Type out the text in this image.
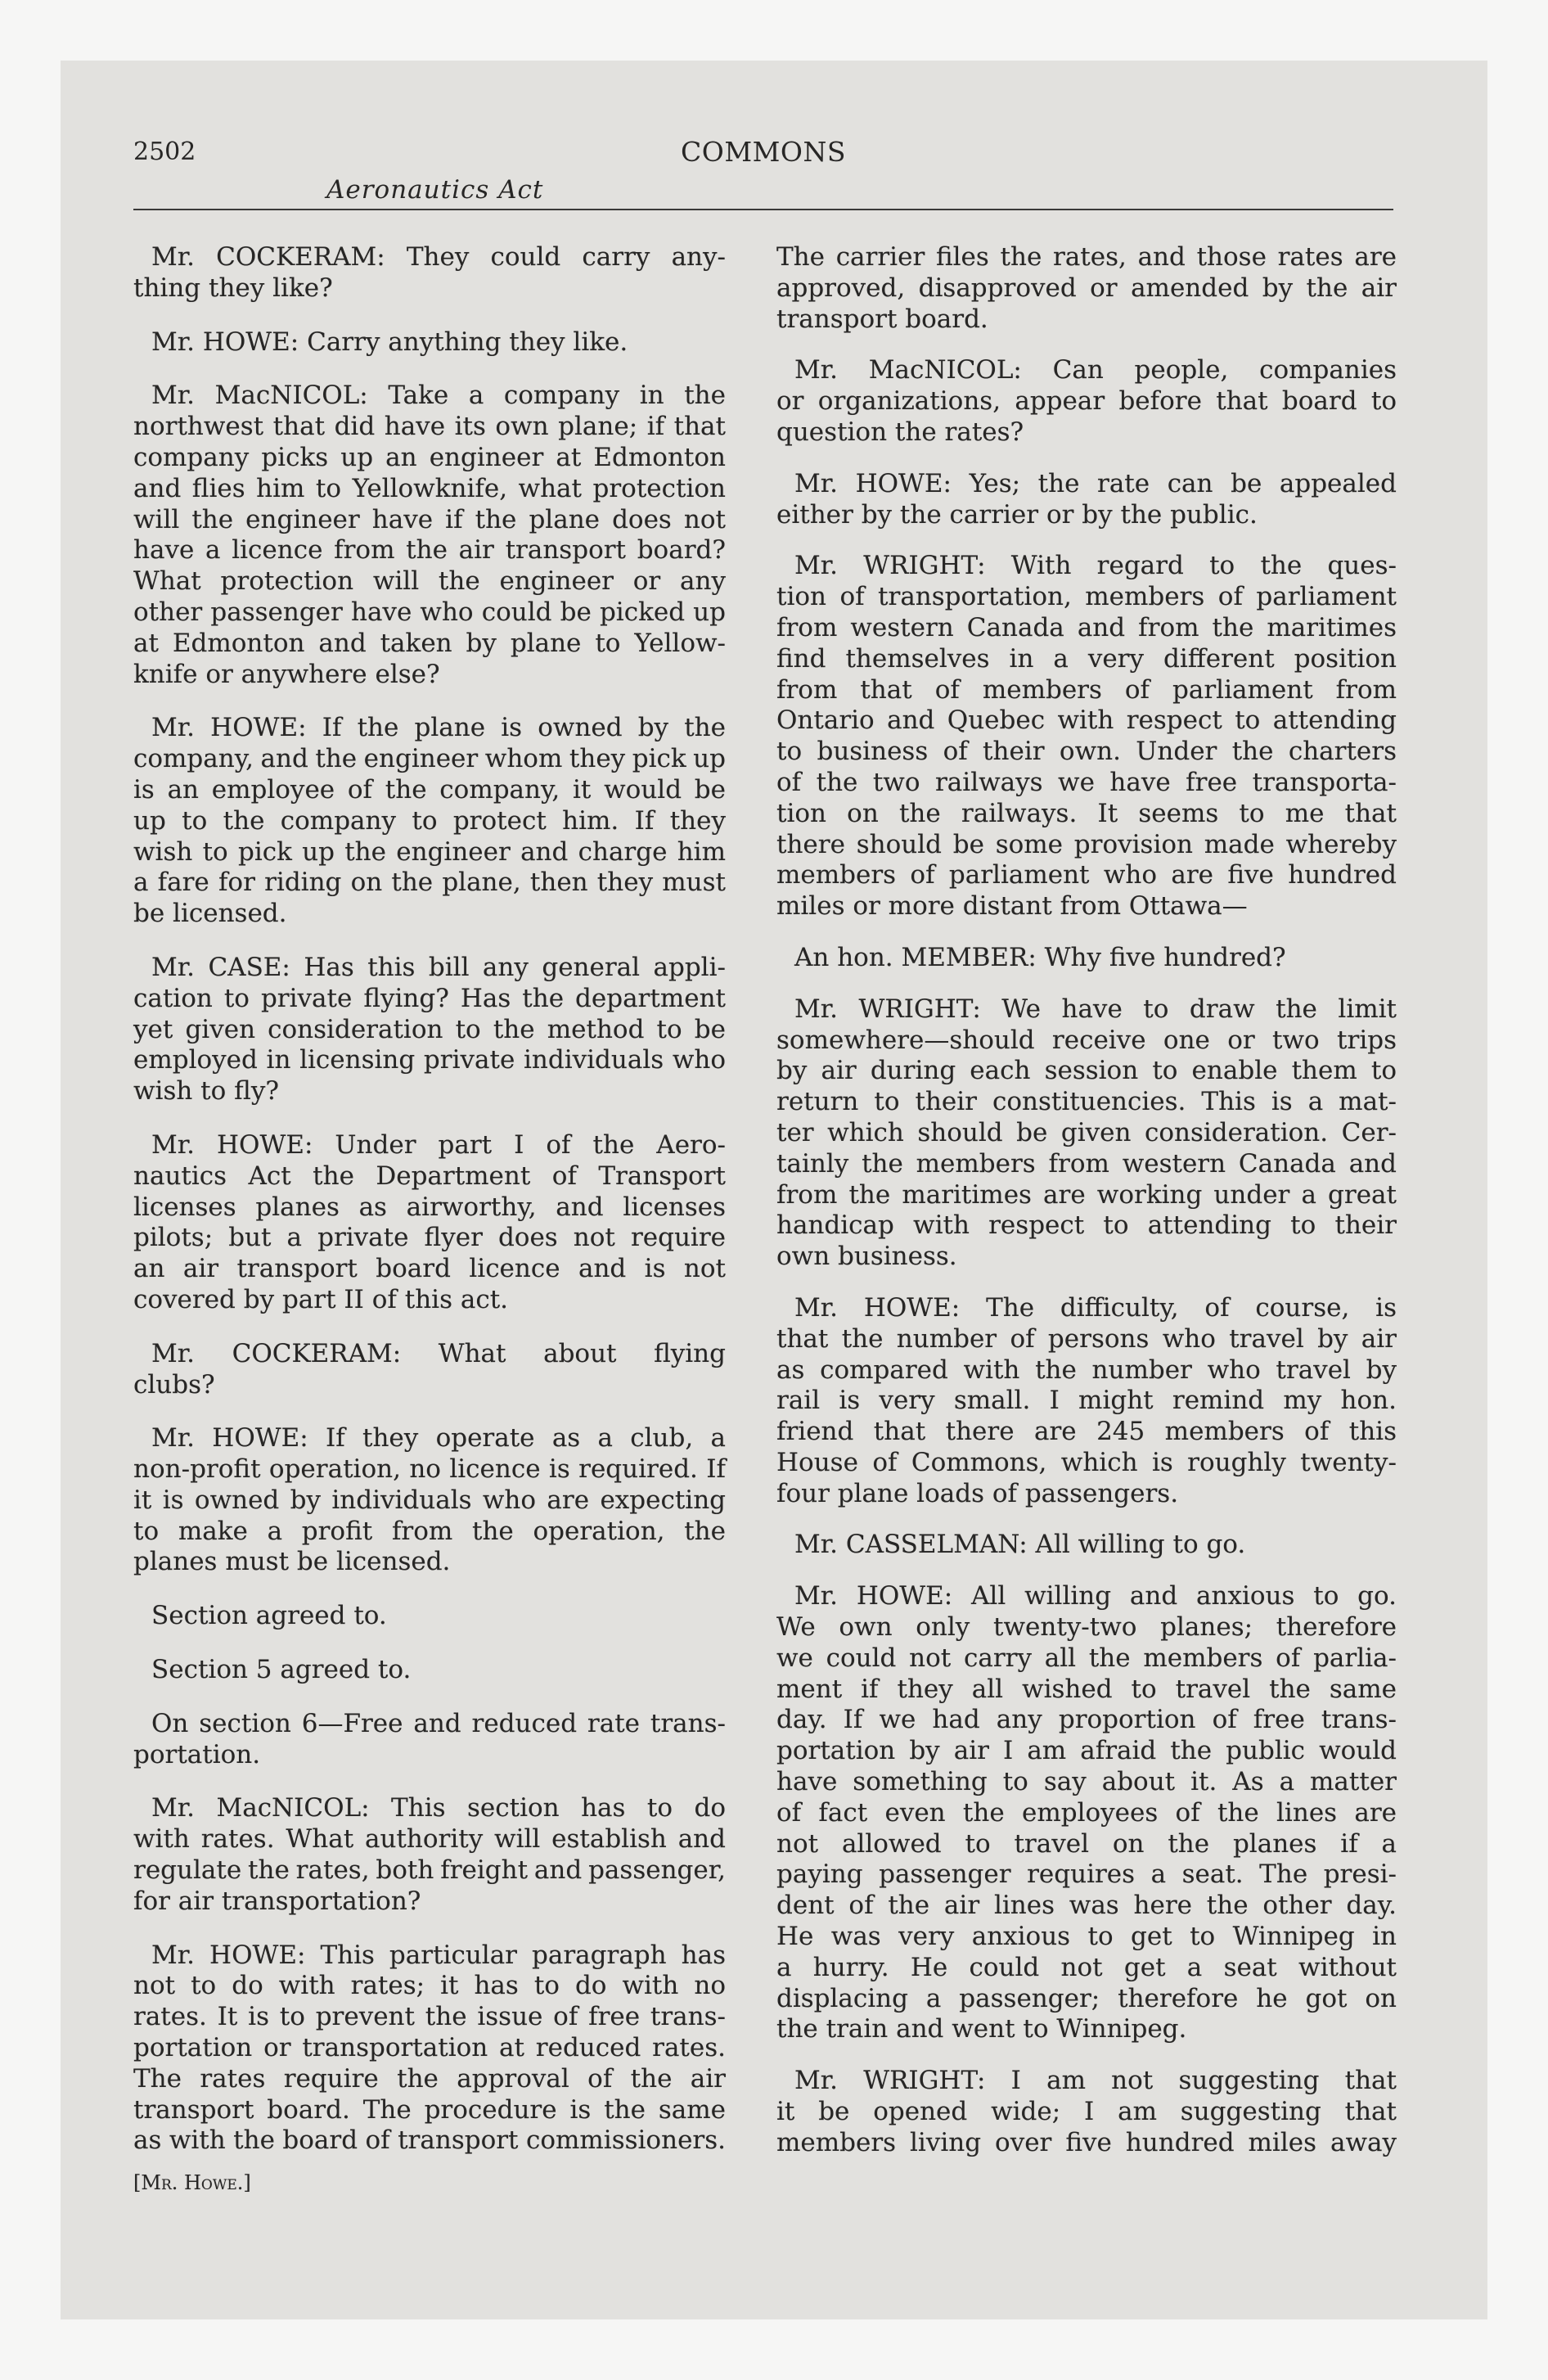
2502	COMMONS
Aeronautics Act
Mr. COCKERAM: They could carry any-
thing they like?
Mr. HOWE: Carry anything they like.
Mr. MacNICOL: Take a company in the
northwest that did have its own plane; if that
company picks up an engineer at Edmonton
and flies him to Yellowknife, what protection
will the engineer have if the plane does not
have a licence from the air transport board?
What protection will the engineer or any
other passenger have who could be picked up
at Edmonton and taken by plane to Yellow-
knife or anywhere else?
Mr. HOWE: If the plane is owned by the
company, and the engineer whom they pick up
is an employee of the company, it would be
up to the company to protect him. If they
wish to pick up the engineer and charge him
a fare for riding on the plane, then they must
be licensed.
Mr. CASE: Has this bill any general appli-
cation to private flying? Has the department
yet given consideration to the method to be
employed in licensing private individuals who
wish to fly?
Mr. HOWE: Under part I of the Aero-
nautics Act the Department of Transport
licenses planes as airworthy, and licenses
pilots; but a private flyer does not require
an air transport board licence and is not
covered by part II of this act.
Mr. COCKERAM: What about flying
clubs?
Mr. HOWE: If they operate as a club, a
non-profit operation, no licence is required. If
it is owned by individuals who are expecting
to make a profit from the operation, the
planes must be licensed.
Section agreed to.
Section 5 agreed to.
On section 6—Free and reduced rate trans-
portation.
Mr. MacNICOL: This section has to do
with rates. What authority will establish and
regulate the rates, both freight and passenger,
for air transportation?
Mr. HOWE: This particular paragraph has
not to do with rates; it has to do with no
rates. It is to prevent the issue of free trans-
portation or transportation at reduced rates.
The rates require the approval of the air
transport board. The procedure is the same
as with the board of transport commissioners.
The carrier files the rates, and those rates are
approved, disapproved or amended by the air
transport board.
Mr. MacNICOL: Can people, companies
or organizations, appear before that board to
question the rates?
Mr. HOWE: Yes; the rate can be appealed
either by the carrier or by the public.
Mr. WRIGHT: With regard to the ques-
tion of transportation, members of parliament
from western Canada and from the maritimes
find themselves in a very different position
from that of members of parliament from
Ontario and Quebec with respect to attending
to business of their own. Under the charters
of the two railways we have free transporta-
tion on the railways. It seems to me that
there should be some provision made whereby
members of parliament who are five hundred
miles or more distant from Ottawa—
An hon. MEMBER: Why five hundred?
Mr. WRIGHT: We have to draw the limit
somewhere—should receive one or two trips
by air during each session to enable them to
return to their constituencies. This is a mat-
ter which should be given consideration. Cer-
tainly the members from western Canada and
from the maritimes are working under a great
handicap with respect to attending to their
own business.
Mr. HOWE: The difficulty, of course, is
that the number of persons who travel by air
as compared with the number who travel by
rail is very small. I might remind my hon.
friend that there are 245 members of this
House of Commons, which is roughly twenty-
four plane loads of passengers.
Mr. CASSELMAN: All willing to go.
Mr. HOWE: All willing and anxious to go.
We own only twenty-two planes; therefore
we could not carry all the members of parlia-
ment if they all wished to travel the same
day. If we had any proportion of free trans-
portation by air I am afraid the public would
have something to say about it. As a matter
of fact even the employees of the lines are
not allowed to travel on the planes if a
paying passenger requires a seat. The presi-
dent of the air lines was here the other day.
He was very anxious to get to Winnipeg in
a hurry. He could not get a seat without
displacing a passenger; therefore he got on
the train and went to Winnipeg.
Mr. WRIGHT: I am not suggesting that
it be opened wide; I am suggesting that
members living over five hundred miles away
[Mr. Howe.]
